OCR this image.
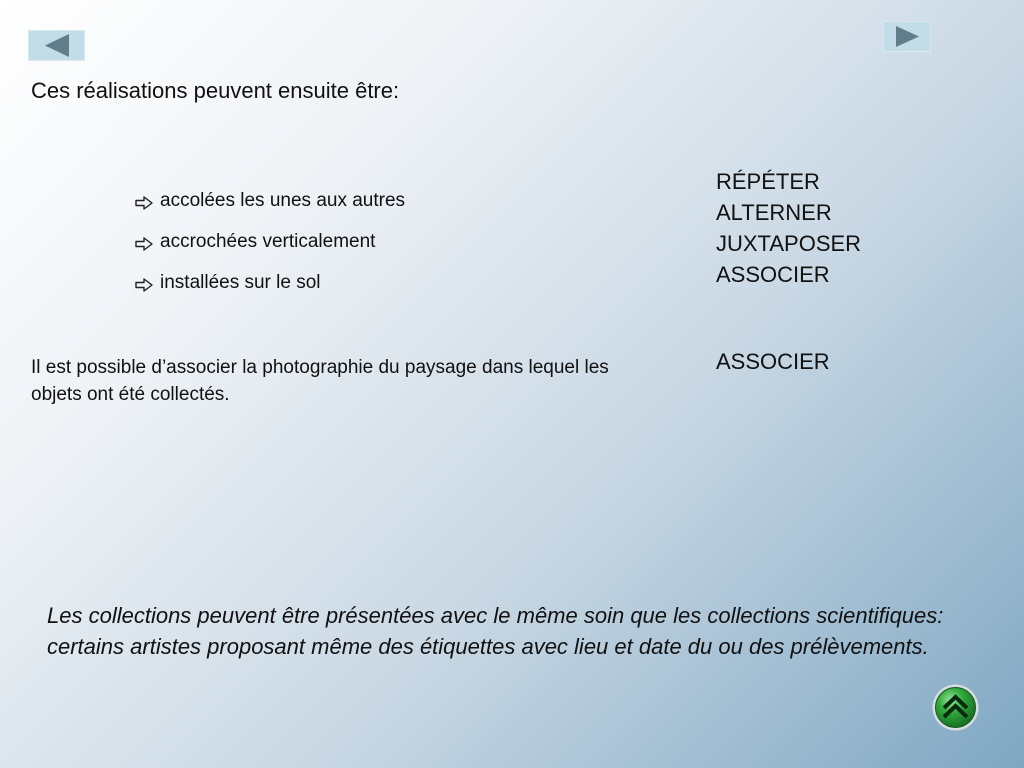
Ces réalisations peuvent ensuite être:
accolées les unes aux autres
accrochées verticalement
installées sur le sol
RÉPÉTER
ALTERNER
JUXTAPOSER
ASSOCIER
Il est possible d’associer la photographie du paysage dans lequel les objets ont été collectés.
ASSOCIER
Les collections peuvent être présentées avec le même soin que les collections scientifiques: certains artistes proposant même des étiquettes avec lieu et date du ou des prélèvements.
